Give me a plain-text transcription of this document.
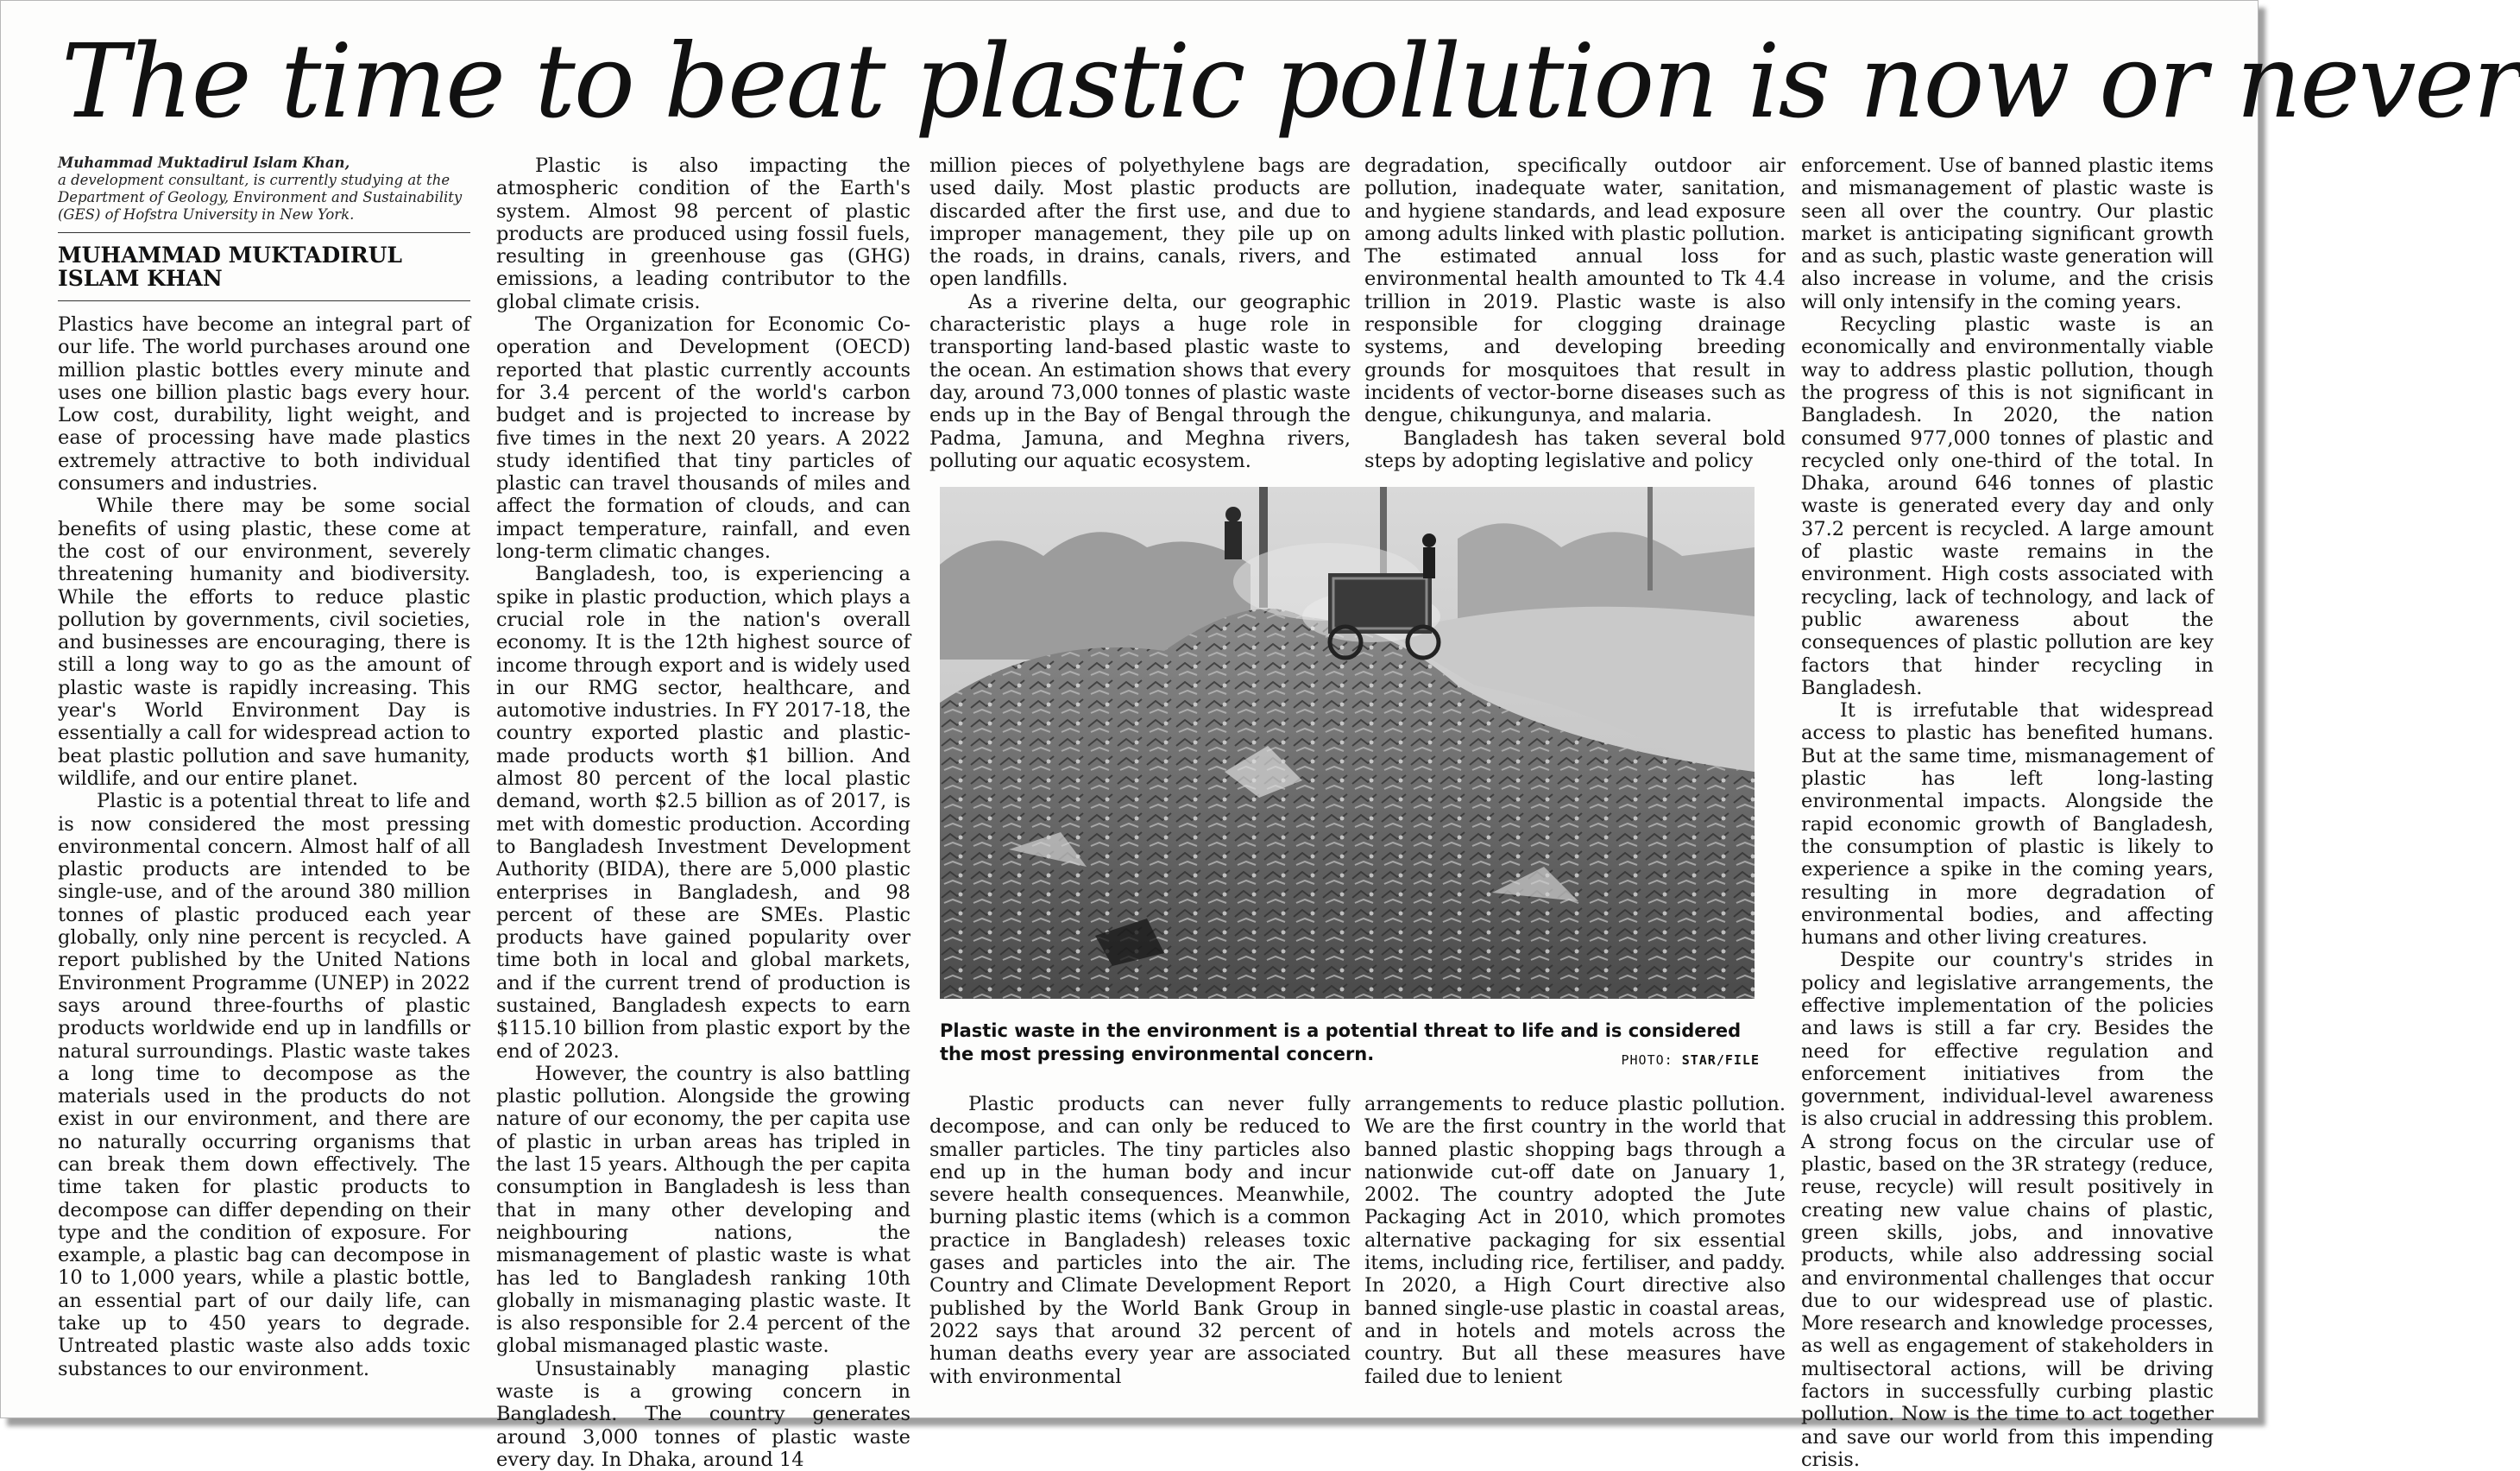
The time to beat plastic pollution is now or never
Muhammad Muktadirul Islam Khan,
a development consultant, is currently studying at the Department of Geology, Environment and Sustainability (GES) of Hofstra University in New York.
MUHAMMAD MUKTADIRUL ISLAM KHAN

Plastics have become an integral part of our life. The world purchases around one million plastic bottles every minute and uses one billion plastic bags every hour. Low cost, durability, light weight, and ease of processing have made plastics extremely attractive to both individual consumers and industries.

While there may be some social benefits of using plastic, these come at the cost of our environment, severely threatening humanity and biodiversity. While the efforts to reduce plastic pollution by governments, civil societies, and businesses are encouraging, there is still a long way to go as the amount of plastic waste is rapidly increasing. This year's World Environment Day is essentially a call for widespread action to beat plastic pollution and save humanity, wildlife, and our entire planet.

Plastic is a potential threat to life and is now considered the most pressing environmental concern. Almost half of all plastic products are intended to be single-use, and of the around 380 million tonnes of plastic produced each year globally, only nine percent is recycled. A report published by the United Nations Environment Programme (UNEP) in 2022 says around three-fourths of plastic products worldwide end up in landfills or natural surroundings. Plastic waste takes a long time to decompose as the materials used in the products do not exist in our environment, and there are no naturally occurring organisms that can break them down effectively. The time taken for plastic products to decompose can differ depending on their type and the condition of exposure. For example, a plastic bag can decompose in 10 to 1,000 years, while a plastic bottle, an essential part of our daily life, can take up to 450 years to degrade. Untreated plastic waste also adds toxic substances to our environment.

Plastic is also impacting the atmospheric condition of the Earth's system. Almost 98 percent of plastic products are produced using fossil fuels, resulting in greenhouse gas (GHG) emissions, a leading contributor to the global climate crisis.

The Organization for Economic Co-operation and Development (OECD) reported that plastic currently accounts for 3.4 percent of the world's carbon budget and is projected to increase by five times in the next 20 years. A 2022 study identified that tiny particles of plastic can travel thousands of miles and affect the formation of clouds, and can impact temperature, rainfall, and even long-term climatic changes.

Bangladesh, too, is experiencing a spike in plastic production, which plays a crucial role in the nation's overall economy. It is the 12th highest source of income through export and is widely used in our RMG sector, healthcare, and automotive industries. In FY 2017-18, the country exported plastic and plastic-made products worth $1 billion. And almost 80 percent of the local plastic demand, worth $2.5 billion as of 2017, is met with domestic production. According to Bangladesh Investment Development Authority (BIDA), there are 5,000 plastic enterprises in Bangladesh, and 98 percent of these are SMEs. Plastic products have gained popularity over time both in local and global markets, and if the current trend of production is sustained, Bangladesh expects to earn $115.10 billion from plastic export by the end of 2023.

However, the country is also battling plastic pollution. Alongside the growing nature of our economy, the per capita use of plastic in urban areas has tripled in the last 15 years. Although the per capita consumption in Bangladesh is less than that in many other developing and neighbouring nations, the mismanagement of plastic waste is what has led to Bangladesh ranking 10th globally in mismanaging plastic waste. It is also responsible for 2.4 percent of the global mismanaged plastic waste.

Unsustainably managing plastic waste is a growing concern in Bangladesh. The country generates around 3,000 tonnes of plastic waste every day. In Dhaka, around 14

million pieces of polyethylene bags are used daily. Most plastic products are discarded after the first use, and due to improper management, they pile up on the roads, in drains, canals, rivers, and open landfills.

As a riverine delta, our geographic characteristic plays a huge role in transporting land-based plastic waste to the ocean. An estimation shows that every day, around 73,000 tonnes of plastic waste ends up in the Bay of Bengal through the Padma, Jamuna, and Meghna rivers, polluting our aquatic ecosystem.

degradation, specifically outdoor air pollution, inadequate water, sanitation, and hygiene standards, and lead exposure among adults linked with plastic pollution. The estimated annual loss for environmental health amounted to Tk 4.4 trillion in 2019. Plastic waste is also responsible for clogging drainage systems, and developing breeding grounds for mosquitoes that result in incidents of vector-borne diseases such as dengue, chikungunya, and malaria.

Bangladesh has taken several bold steps by adopting legislative and policy

Plastic waste in the environment is a potential threat to life and is considered the most pressing environmental concern.	PHOTO: STAR/FILE

Plastic products can never fully decompose, and can only be reduced to smaller particles. The tiny particles also end up in the human body and incur severe health consequences. Meanwhile, burning plastic items (which is a common practice in Bangladesh) releases toxic gases and particles into the air. The Country and Climate Development Report published by the World Bank Group in 2022 says that around 32 percent of human deaths every year are associated with environmental

arrangements to reduce plastic pollution. We are the first country in the world that banned plastic shopping bags through a nationwide cut-off date on January 1, 2002. The country adopted the Jute Packaging Act in 2010, which promotes alternative packaging for six essential items, including rice, fertiliser, and paddy. In 2020, a High Court directive also banned single-use plastic in coastal areas, and in hotels and motels across the country. But all these measures have failed due to lenient

enforcement. Use of banned plastic items and mismanagement of plastic waste is seen all over the country. Our plastic market is anticipating significant growth and as such, plastic waste generation will also increase in volume, and the crisis will only intensify in the coming years.

Recycling plastic waste is an economically and environmentally viable way to address plastic pollution, though the progress of this is not significant in Bangladesh. In 2020, the nation consumed 977,000 tonnes of plastic and recycled only one-third of the total. In Dhaka, around 646 tonnes of plastic waste is generated every day and only 37.2 percent is recycled. A large amount of plastic waste remains in the environment. High costs associated with recycling, lack of technology, and lack of public awareness about the consequences of plastic pollution are key factors that hinder recycling in Bangladesh.

It is irrefutable that widespread access to plastic has benefited humans. But at the same time, mismanagement of plastic has left long-lasting environmental impacts. Alongside the rapid economic growth of Bangladesh, the consumption of plastic is likely to experience a spike in the coming years, resulting in more degradation of environmental bodies, and affecting humans and other living creatures.

Despite our country's strides in policy and legislative arrangements, the effective implementation of the policies and laws is still a far cry. Besides the need for effective regulation and enforcement initiatives from the government, individual-level awareness is also crucial in addressing this problem. A strong focus on the circular use of plastic, based on the 3R strategy (reduce, reuse, recycle) will result positively in creating new value chains of plastic, green skills, jobs, and innovative products, while also addressing social and environmental challenges that occur due to our widespread use of plastic. More research and knowledge processes, as well as engagement of stakeholders in multisectoral actions, will be driving factors in successfully curbing plastic pollution. Now is the time to act together and save our world from this impending crisis.
